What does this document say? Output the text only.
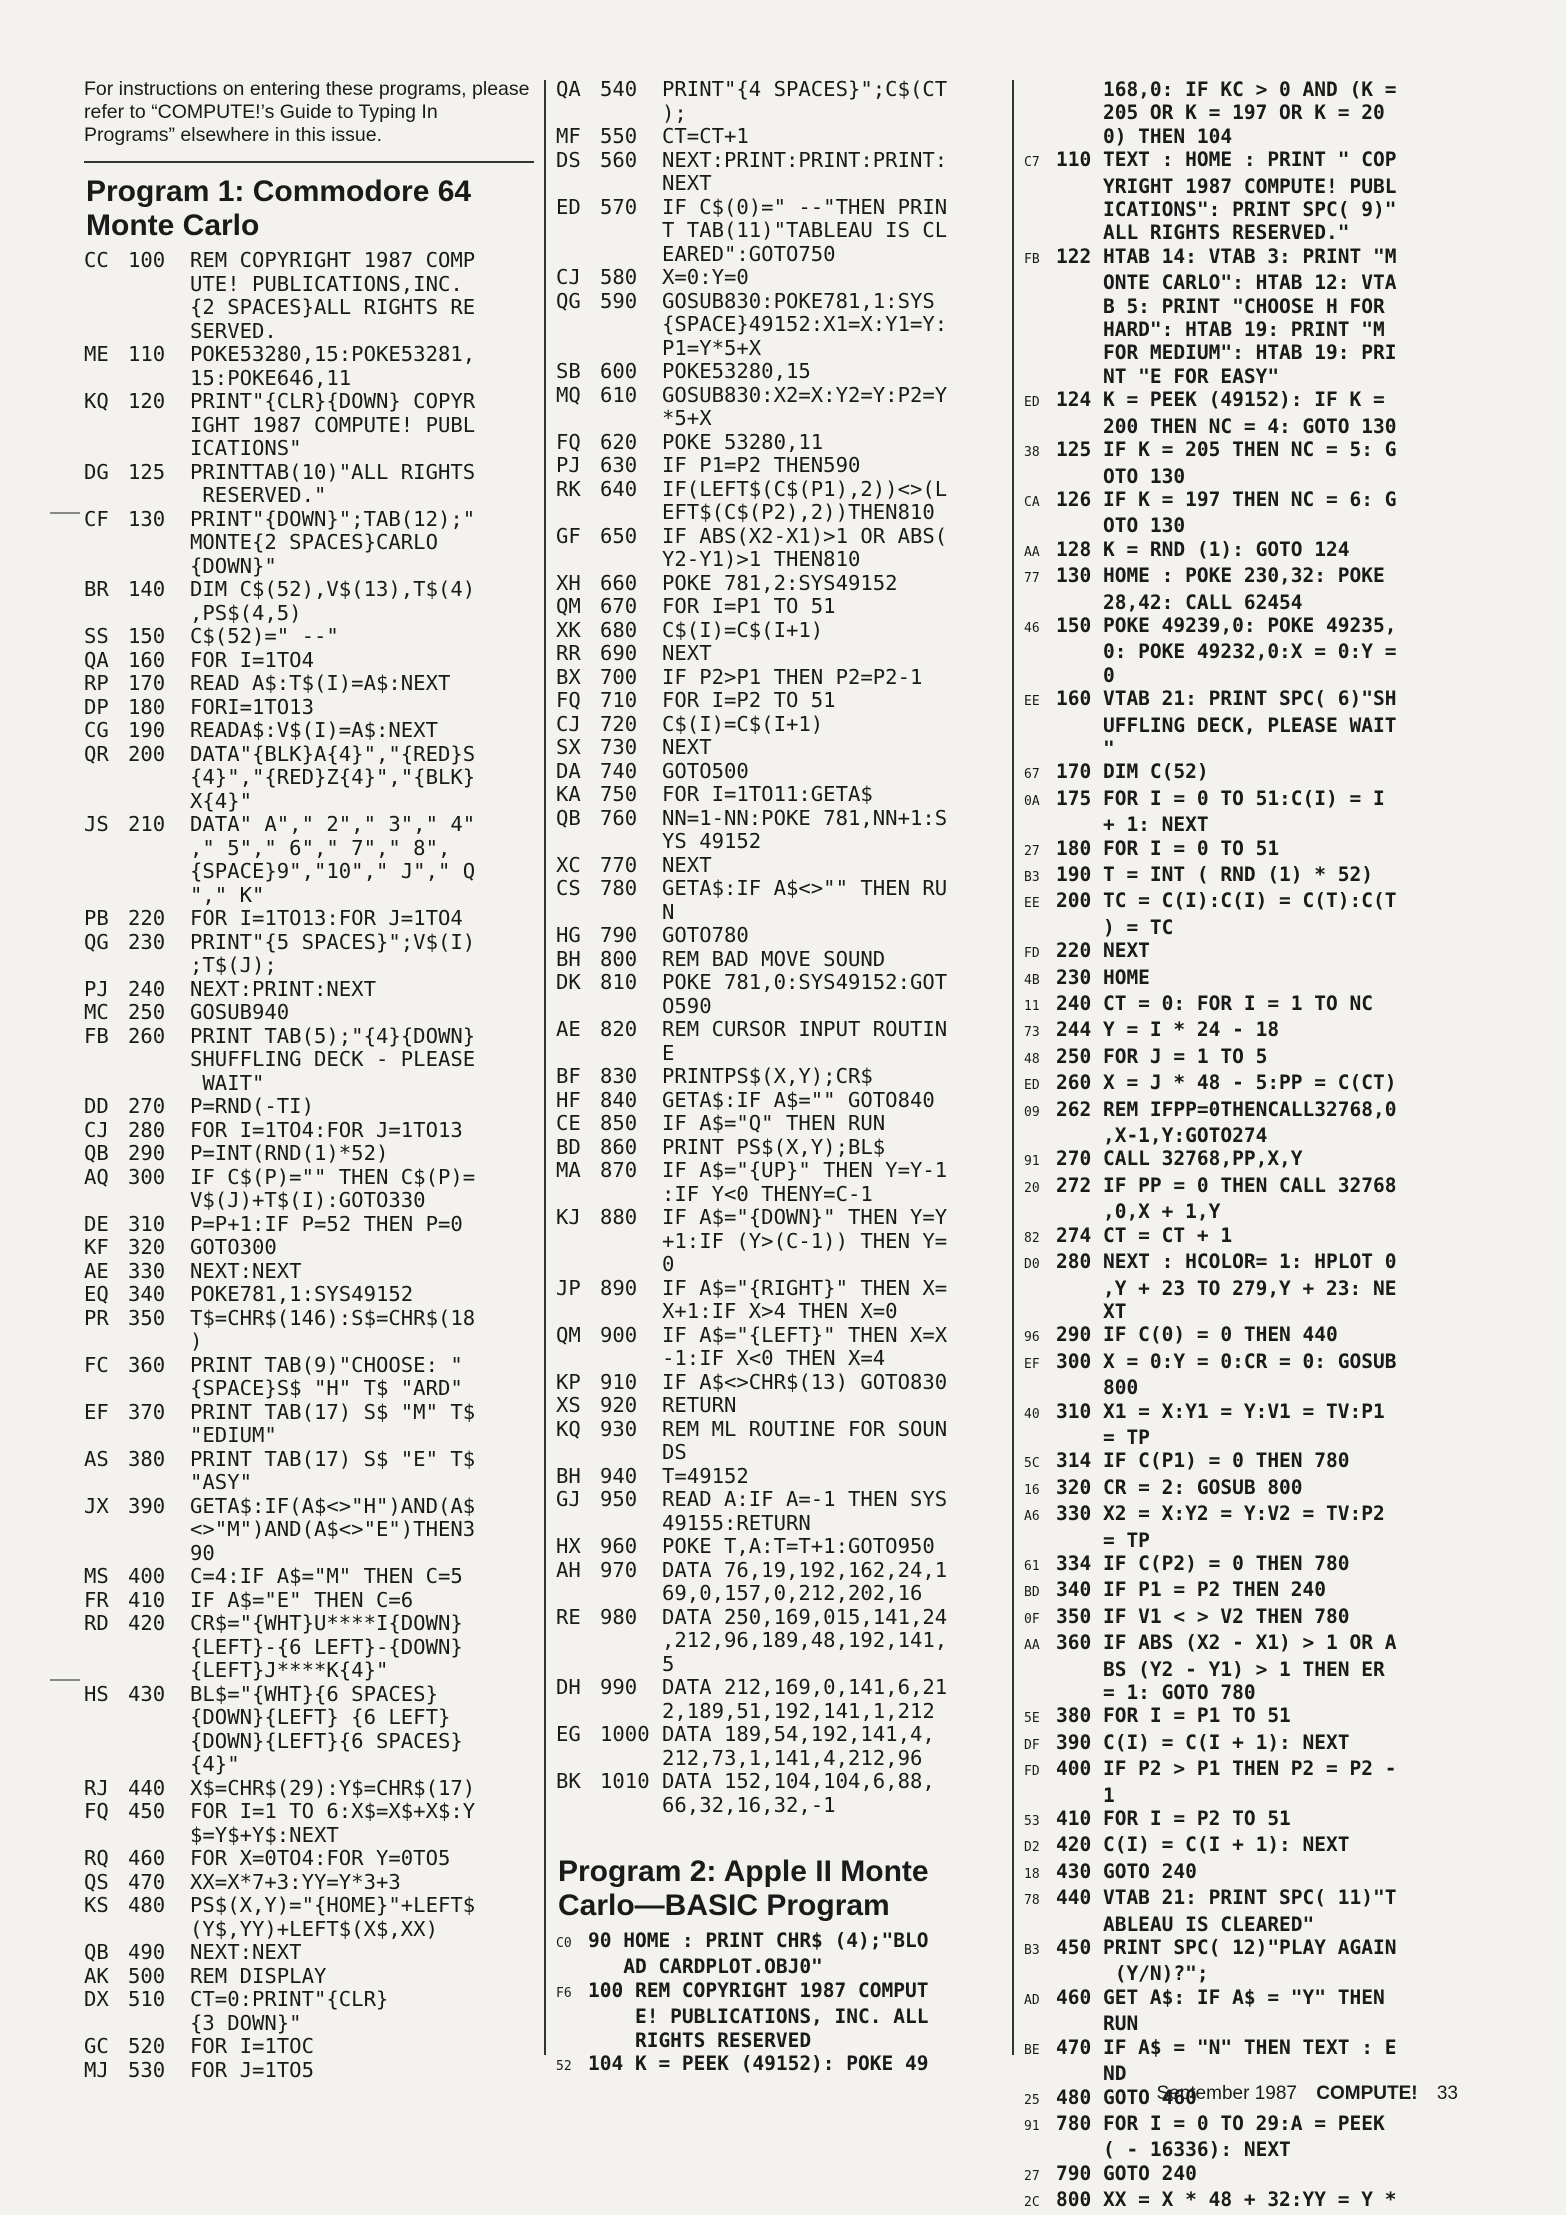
For instructions on entering these programs, please refer to “COMPUTE!’s Guide to Typing In Programs” elsewhere in this issue.

Program 1: Commodore 64 Monte Carlo
CC 100  REM COPYRIGHT 1987 COMP
UTE! PUBLICATIONS,INC.
{2 SPACES}ALL RIGHTS RE
SERVED.
ME 110  POKE53280,15:POKE53281,
15:POKE646,11
KQ 120  PRINT"{CLR}{DOWN} COPYR
IGHT 1987 COMPUTE! PUBL
ICATIONS"
DG 125  PRINTTAB(10)"ALL RIGHTS
RESERVED."
CF 130  PRINT"{DOWN}";TAB(12);"
MONTE{2 SPACES}CARLO
{DOWN}"
BR 140  DIM C$(52),V$(13),T$(4)
,PS$(4,5)
SS 150  C$(52)=" --"
QA 160  FOR I=1TO4
RP 170  READ A$:T$(I)=A$:NEXT
DP 180  FORI=1TO13
CG 190  READA$:V$(I)=A$:NEXT
QR 200  DATA"{BLK}A{4}","{RED}S
{4}","{RED}Z{4}","{BLK}
X{4}"
JS 210  DATA" A"," 2"," 3"," 4"
," 5"," 6"," 7"," 8",
{SPACE}9","10"," J"," Q
"," K"
PB 220  FOR I=1TO13:FOR J=1TO4
QG 230  PRINT"{5 SPACES}";V$(I)
;T$(J);
PJ 240  NEXT:PRINT:NEXT
MC 250  GOSUB940
FB 260  PRINT TAB(5);"{4}{DOWN}
SHUFFLING DECK - PLEASE
WAIT"
DD 270  P=RND(-TI)
CJ 280  FOR I=1TO4:FOR J=1TO13
QB 290  P=INT(RND(1)*52)
AQ 300  IF C$(P)="" THEN C$(P)=
V$(J)+T$(I):GOTO330
DE 310  P=P+1:IF P=52 THEN P=0
KF 320  GOTO300
AE 330  NEXT:NEXT
EQ 340  POKE781,1:SYS49152
PR 350  T$=CHR$(146):S$=CHR$(18
)
FC 360  PRINT TAB(9)"CHOOSE: "
{SPACE}S$ "H" T$ "ARD"
EF 370  PRINT TAB(17) S$ "M" T$
"EDIUM"
AS 380  PRINT TAB(17) S$ "E" T$
"ASY"
JX 390  GETA$:IF(A$<>"H")AND(A$
<>"M")AND(A$<>"E")THEN3
90
MS 400  C=4:IF A$="M" THEN C=5
FR 410  IF A$="E" THEN C=6
RD 420  CR$="{WHT}U****I{DOWN}
{LEFT}-{6 LEFT}-{DOWN}
{LEFT}J****K{4}"
HS 430  BL$="{WHT}{6 SPACES}
{DOWN}{LEFT} {6 LEFT}
{DOWN}{LEFT}{6 SPACES}
{4}"
RJ 440  X$=CHR$(29):Y$=CHR$(17)
FQ 450  FOR I=1 TO 6:X$=X$+X$:Y
$=Y$+Y$:NEXT
RQ 460  FOR X=0TO4:FOR Y=0TO5
QS 470  XX=X*7+3:YY=Y*3+3
KS 480  PS$(X,Y)="{HOME}"+LEFT$
(Y$,YY)+LEFT$(X$,XX)
QB 490  NEXT:NEXT
AK 500  REM DISPLAY
DX 510  CT=0:PRINT"{CLR}
{3 DOWN}"
GC 520  FOR I=1TOC
MJ 530  FOR J=1TO5
QA 540  PRINT"{4 SPACES}";C$(CT
);
MF 550  CT=CT+1
DS 560  NEXT:PRINT:PRINT:PRINT:
NEXT
ED 570  IF C$(0)=" --"THEN PRIN
T TAB(11)"TABLEAU IS CL
EARED":GOTO750
CJ 580  X=0:Y=0
QG 590  GOSUB830:POKE781,1:SYS
{SPACE}49152:X1=X:Y1=Y:
P1=Y*5+X
SB 600  POKE53280,15
MQ 610  GOSUB830:X2=X:Y2=Y:P2=Y
*5+X
FQ 620  POKE 53280,11
PJ 630  IF P1=P2 THEN590
RK 640  IF(LEFT$(C$(P1),2))<>(L
EFT$(C$(P2),2))THEN810
GF 650  IF ABS(X2-X1)>1 OR ABS(
Y2-Y1)>1 THEN810
XH 660  POKE 781,2:SYS49152
QM 670  FOR I=P1 TO 51
XK 680  C$(I)=C$(I+1)
RR 690  NEXT
BX 700  IF P2>P1 THEN P2=P2-1
FQ 710  FOR I=P2 TO 51
CJ 720  C$(I)=C$(I+1)
SX 730  NEXT
DA 740  GOTO500
KA 750  FOR I=1TO11:GETA$
QB 760  NN=1-NN:POKE 781,NN+1:S
YS 49152
XC 770  NEXT
CS 780  GETA$:IF A$<>"" THEN RU
N
HG 790  GOTO780
BH 800  REM BAD MOVE SOUND
DK 810  POKE 781,0:SYS49152:GOT
O590
AE 820  REM CURSOR INPUT ROUTIN
E
BF 830  PRINTPS$(X,Y);CR$
HF 840  GETA$:IF A$="" GOTO840
CE 850  IF A$="Q" THEN RUN
BD 860  PRINT PS$(X,Y);BL$
MA 870  IF A$="{UP}" THEN Y=Y-1
:IF Y<0 THENY=C-1
KJ 880  IF A$="{DOWN}" THEN Y=Y
+1:IF (Y>(C-1)) THEN Y=
0
JP 890  IF A$="{RIGHT}" THEN X=
X+1:IF X>4 THEN X=0
QM 900  IF A$="{LEFT}" THEN X=X
-1:IF X<0 THEN X=4
KP 910  IF A$<>CHR$(13) GOTO830
XS 920  RETURN
KQ 930  REM ML ROUTINE FOR SOUN
DS
BH 940  T=49152
GJ 950  READ A:IF A=-1 THEN SYS
49155:RETURN
HX 960  POKE T,A:T=T+1:GOTO950
AH 970  DATA 76,19,192,162,24,1
69,0,157,0,212,202,16
RE 980  DATA 250,169,015,141,24
,212,96,189,48,192,141,
5
DH 990  DATA 212,169,0,141,6,21
2,189,51,192,141,1,212
EG 1000 DATA 189,54,192,141,4,
212,73,1,141,4,212,96
BK 1010 DATA 152,104,104,6,88,
66,32,16,32,-1
Program 2: Apple II Monte Carlo—BASIC Program
C0 90 HOME : PRINT CHR$ (4);"BLO
AD CARDPLOT.OBJ0"
F6 100 REM COPYRIGHT 1987 COMPUT
E! PUBLICATIONS, INC. ALL
RIGHTS RESERVED
52 104 K = PEEK (49152): POKE 49
168,0: IF KC > 0 AND (K =
205 OR K = 197 OR K = 20
0) THEN 104
C7 110 TEXT : HOME : PRINT " COP
YRIGHT 1987 COMPUTE! PUBL
ICATIONS": PRINT SPC( 9)"
ALL RIGHTS RESERVED."
FB 122 HTAB 14: VTAB 3: PRINT "M
ONTE CARLO": HTAB 12: VTA
B 5: PRINT "CHOOSE H FOR
HARD": HTAB 19: PRINT "M
FOR MEDIUM": HTAB 19: PRI
NT "E FOR EASY"
ED 124 K = PEEK (49152): IF K =
200 THEN NC = 4: GOTO 130
38 125 IF K = 205 THEN NC = 5: G
OTO 130
CA 126 IF K = 197 THEN NC = 6: G
OTO 130
AA 128 K = RND (1): GOTO 124
77 130 HOME : POKE 230,32: POKE
28,42: CALL 62454
46 150 POKE 49239,0: POKE 49235,
0: POKE 49232,0:X = 0:Y =
0
EE 160 VTAB 21: PRINT SPC( 6)"SH
UFFLING DECK, PLEASE WAIT
"
67 170 DIM C(52)
0A 175 FOR I = 0 TO 51:C(I) = I
+ 1: NEXT
27 180 FOR I = 0 TO 51
B3 190 T = INT ( RND (1) * 52)
EE 200 TC = C(I):C(I) = C(T):C(T
) = TC
FD 220 NEXT
4B 230 HOME
11 240 CT = 0: FOR I = 1 TO NC
73 244 Y = I * 24 - 18
48 250 FOR J = 1 TO 5
ED 260 X = J * 48 - 5:PP = C(CT)
09 262 REM IFPP=0THENCALL32768,0
,X-1,Y:GOTO274
91 270 CALL 32768,PP,X,Y
20 272 IF PP = 0 THEN CALL 32768
,0,X + 1,Y
82 274 CT = CT + 1
D0 280 NEXT : HCOLOR= 1: HPLOT 0
,Y + 23 TO 279,Y + 23: NE
XT
96 290 IF C(0) = 0 THEN 440
EF 300 X = 0:Y = 0:CR = 0: GOSUB
800
40 310 X1 = X:Y1 = Y:V1 = TV:P1
= TP
5C 314 IF C(P1) = 0 THEN 780
16 320 CR = 2: GOSUB 800
A6 330 X2 = X:Y2 = Y:V2 = TV:P2
= TP
61 334 IF C(P2) = 0 THEN 780
BD 340 IF P1 = P2 THEN 240
0F 350 IF V1 < > V2 THEN 780
AA 360 IF ABS (X2 - X1) > 1 OR A
BS (Y2 - Y1) > 1 THEN ER
= 1: GOTO 780
5E 380 FOR I = P1 TO 51
DF 390 C(I) = C(I + 1): NEXT
FD 400 IF P2 > P1 THEN P2 = P2 -
1
53 410 FOR I = P2 TO 51
D2 420 C(I) = C(I + 1): NEXT
18 430 GOTO 240
78 440 VTAB 21: PRINT SPC( 11)"T
ABLEAU IS CLEARED"
B3 450 PRINT SPC( 12)"PLAY AGAIN
(Y/N)?";
AD 460 GET A$: IF A$ = "Y" THEN
RUN
BE 470 IF A$ = "N" THEN TEXT : E
ND
25 480 GOTO 460
91 780 FOR I = 0 TO 29:A = PEEK
( - 16336): NEXT
27 790 GOTO 240
2C 800 XX = X * 48 + 32:YY = Y *
September 1987 COMPUTE! 33
